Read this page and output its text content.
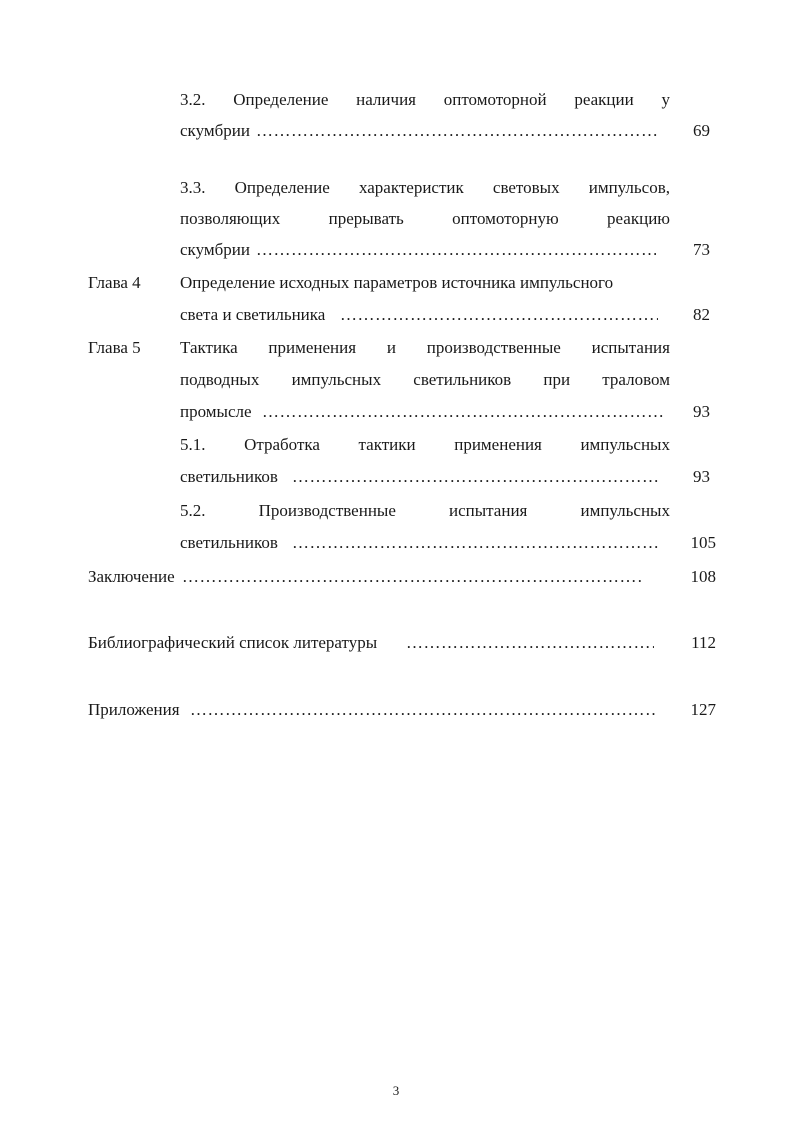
3.2. Определение наличия оптомоторной реакции у
скумбрии ………………………………………………………………………………………………………………………………………………………………………………	69
3.3. Определение характеристик световых импульсов,
позволяющих	прерывать	оптомоторную	реакцию
скумбрии ………………………………………………………………………………………………………………………………………………………………………………	73
Глава 4 Определение исходных параметров источника импульсного
света и светильника ………………………………………………………………………………………………………………………………………………………………………………	82
Глава 5 Тактика применения и производственные испытания
подводных импульсных светильников при траловом
промысле ………………………………………………………………………………………………………………………………………………………………………………	93
5.1. Отработка тактики применения импульсных
светильников ………………………………………………………………………………………………………………………………………………………………………………	93
5.2.	Производственные	испытания	импульсных
светильников ………………………………………………………………………………………………………………………………………………………………………………	105
Заключение ………………………………………………………………………………………………………………………………………………………………………………	108
Библиографический список литературы ………………………………………………………………………………………………………………………………………………………………………………	112
Приложения ………………………………………………………………………………………………………………………………………………………………………………	127
3
